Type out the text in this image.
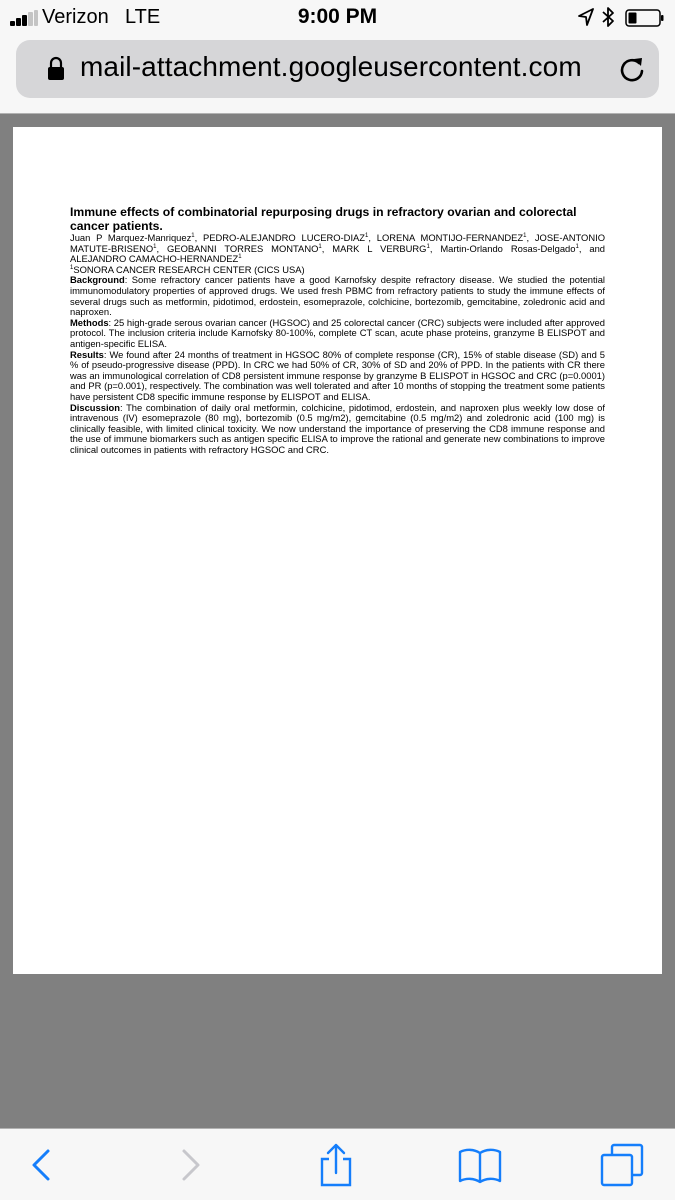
Verizon LTE	9:00 PM
mail-attachment.googleusercontent.com
Immune effects of combinatorial repurposing drugs in refractory ovarian and colorectal cancer patients.

Juan P Marquez-Manriquez$^1$, PEDRO-ALEJANDRO LUCERO-DIAZ$^1$, LORENA MONTIJO-FERNANDEZ$^1$, JOSE-ANTONIO MATUTE-BRISENO$^1$, GEOBANNI TORRES MONTANO$^1$, MARK L VERBURG$^1$, Martin-Orlando Rosas-Delgado$^1$, and ALEJANDRO CAMACHO-HERNANDEZ$^1$

$^1$SONORA CANCER RESEARCH CENTER (CICS USA)

Background: Some refractory cancer patients have a good Karnofsky despite refractory disease. We studied the potential immunomodulatory properties of approved drugs. We used fresh PBMC from refractory patients to study the immune effects of several drugs such as metformin, pidotimod, erdostein, esomeprazole, colchicine, bortezomib, gemcitabine, zoledronic acid and naproxen.

Methods: 25 high-grade serous ovarian cancer (HGSOC) and 25 colorectal cancer (CRC) subjects were included after approved protocol. The inclusion criteria include Karnofsky 80-100%, complete CT scan, acute phase proteins, granzyme B ELISPOT and antigen-specific ELISA.

Results: We found after 24 months of treatment in HGSOC 80% of complete response (CR), 15% of stable disease (SD) and 5 % of pseudo-progressive disease (PPD). In CRC we had 50% of CR, 30% of SD and 20% of PPD. In the patients with CR there was an immunological correlation of CD8 persistent immune response by granzyme B ELISPOT in HGSOC and CRC (p=0.0001) and PR (p=0.001), respectively. The combination was well tolerated and after 10 months of stopping the treatment some patients have persistent CD8 specific immune response by ELISPOT and ELISA.

Discussion: The combination of daily oral metformin, colchicine, pidotimod, erdostein, and naproxen plus weekly low dose of intravenous (IV) esomeprazole (80 mg), bortezomib (0.5 mg/m2), gemcitabine (0.5 mg/m2) and zoledronic acid (100 mg) is clinically feasible, with limited clinical toxicity. We now understand the importance of preserving the CD8 immune response and the use of immune biomarkers such as antigen specific ELISA to improve the rational and generate new combinations to improve clinical outcomes in patients with refractory HGSOC and CRC.
